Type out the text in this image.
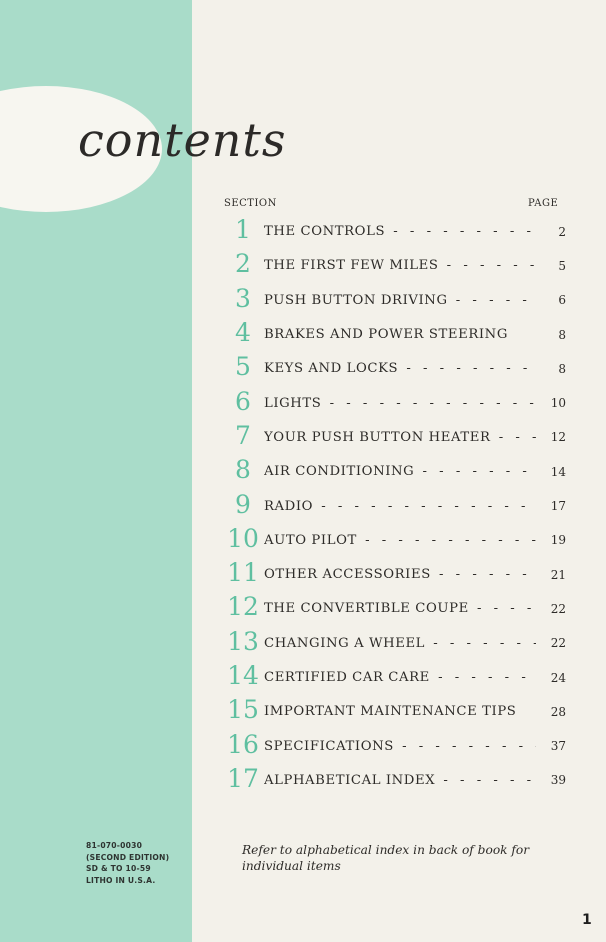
contents
SECTION	PAGE
1 THE CONTROLS - - -	2
2 THE FIRST FEW MILES - - -	5
3 PUSH BUTTON DRIVING - - -	6
4 BRAKES AND POWER STEERING	8
5 KEYS AND LOCKS - - -	8
6 LIGHTS - - -	10
7 YOUR PUSH BUTTON HEATER - - -	12
8 AIR CONDITIONING - - -	14
9 RADIO - - -	17
10 AUTO PILOT - - -	19
11 OTHER ACCESSORIES - - -	21
12 THE CONVERTIBLE COUPE - - -	22
13 CHANGING A WHEEL - - -	22
14 CERTIFIED CAR CARE - - -	24
15 IMPORTANT MAINTENANCE TIPS	28
16 SPECIFICATIONS - - -	37
17 ALPHABETICAL INDEX - - -	39
81-070-0030
(SECOND EDITION)
SD & TO 10-59
LITHO IN U.S.A.
Refer to alphabetical index in back of book for individual items
1
